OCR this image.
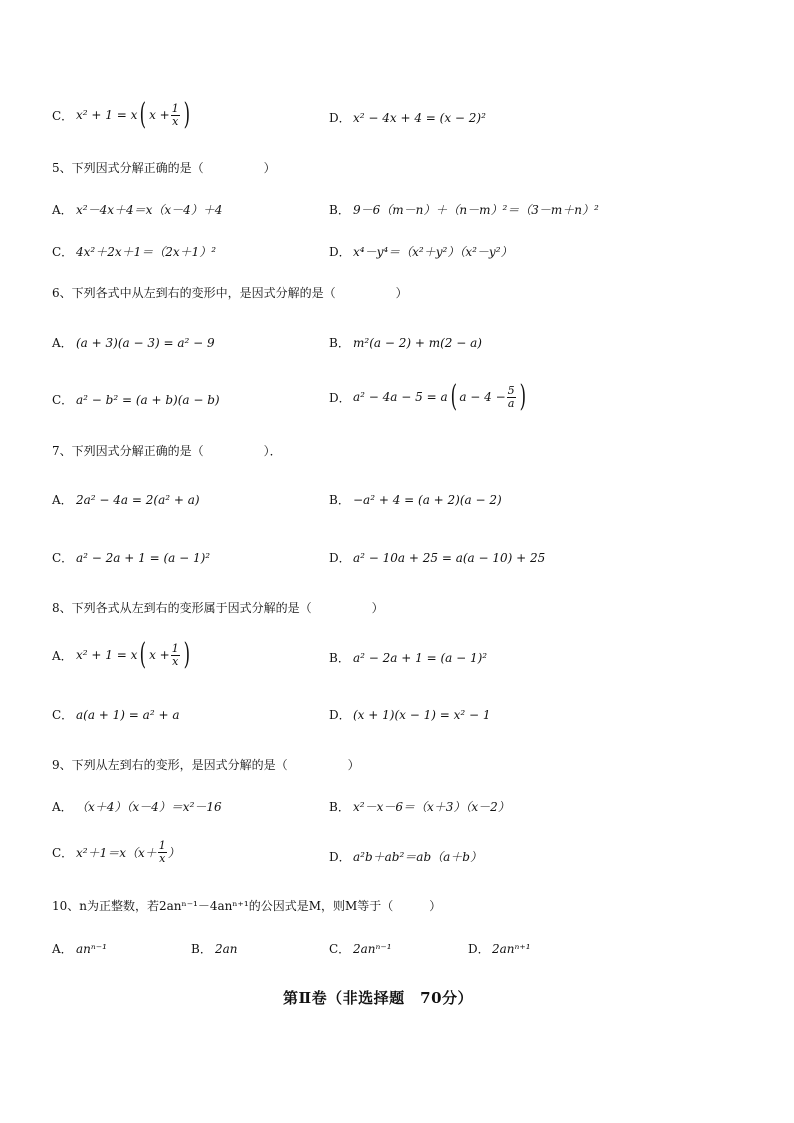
C． x² + 1 = x ( $x + \frac{1}{x}$ )	D． x² − 4x + 4 = (x − 2)²
5、下列因式分解正确的是（　　　　　）
A． x²－4x＋4＝x（x－4）＋4	B． 9－6（m－n）＋（n－m）²＝（3－m＋n）²
C． 4x²＋2x＋1＝（2x＋1）²	D． x⁴－y⁴＝（x²＋y²）（x²－y²）
6、下列各式中从左到右的变形中，是因式分解的是（　　　　　）
A． (a + 3)(a − 3) = a² − 9	B． m²(a − 2) + m(2 − a)
C． a² − b² = (a + b)(a − b)	D． a² − 4a − 5 = a ( $a - 4 - \frac{5}{a}$ )
7、下列因式分解正确的是（　　　　　）．
A． 2a² − 4a = 2(a² + a)	B． −a² + 4 = (a + 2)(a − 2)
C． a² − 2a + 1 = (a − 1)²	D． a² − 10a + 25 = a(a − 10) + 25
8、下列各式从左到右的变形属于因式分解的是（　　　　　）
A． x² + 1 = x ( $x + \frac{1}{x}$ )	B． a² − 2a + 1 = (a − 1)²
C． a(a + 1) = a² + a	D． (x + 1)(x − 1) = x² − 1
9、下列从左到右的变形，是因式分解的是（　　　　　）
A． （x＋4）（x－4）＝x²－16	B． x²－x－6＝（x＋3）（x－2）
C． $x^2+1=x(x+ \frac{1}{x}$ ）	D． a²b＋ab²＝ab（a＋b）
10、n为正整数，若2anⁿ⁻¹－4anⁿ⁺¹的公因式是M，则M等于（　　　）
A． anⁿ⁻¹	B． 2an	C． 2anⁿ⁻¹	D． 2anⁿ⁺¹
第Ⅱ卷（非选择题　70分）
